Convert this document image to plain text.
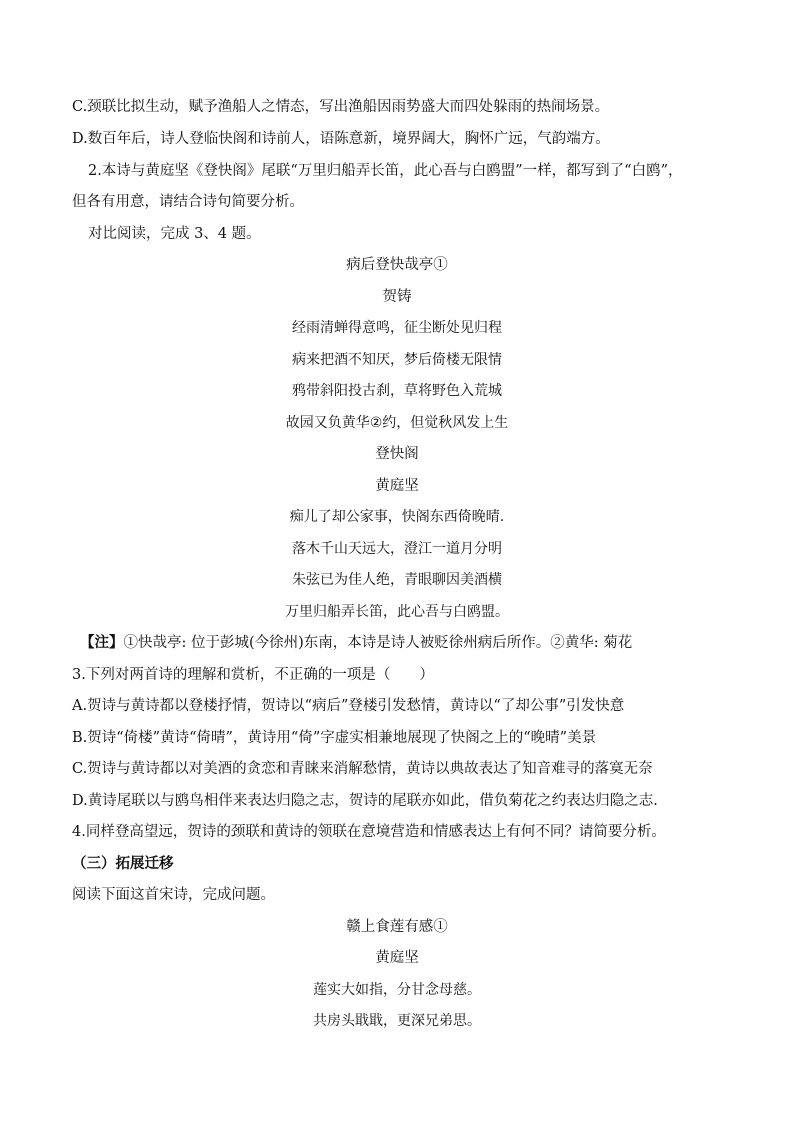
C.颈联比拟生动，赋予渔船人之情态，写出渔船因雨势盛大而四处躲雨的热闹场景。
D.数百年后，诗人登临快阁和诗前人，语陈意新，境界阔大，胸怀广远，气韵端方。
2.本诗与黄庭坚《登快阁》尾联“万里归船弄长笛，此心吾与白鸥盟”一样，都写到了“白鸥”，
但各有用意，请结合诗句简要分析。
对比阅读，完成 3、4 题。
病后登快哉亭①
贺铸
经雨清蝉得意鸣，征尘断处见归程
病来把酒不知厌，梦后倚楼无限情
鸦带斜阳投古刹，草将野色入荒城
故园又负黄华②约，但觉秋风发上生
登快阁
黄庭坚
痴儿了却公家事，快阁东西倚晚晴.
落木千山天远大，澄江一道月分明
朱弦已为佳人绝，青眼聊因美酒横
万里归船弄长笛，此心吾与白鸥盟。
【注】①快哉亭: 位于彭城(今徐州)东南，本诗是诗人被贬徐州病后所作。②黄华: 菊花
3.下列对两首诗的理解和赏析，不正确的一项是（　　）
A.贺诗与黄诗都以登楼抒情，贺诗以“病后”登楼引发愁情，黄诗以“了却公事”引发快意
B.贺诗“倚楼”黄诗“倚晴”，黄诗用“倚”字虚实相兼地展现了快阁之上的“晚晴”美景
C.贺诗与黄诗都以对美酒的贪恋和青睐来消解愁情，黄诗以典故表达了知音难寻的落寞无奈
D.黄诗尾联以与鸥鸟相伴来表达归隐之志，贺诗的尾联亦如此，借负菊花之约表达归隐之志.
4.同样登高望远，贺诗的颈联和黄诗的领联在意境营造和情感表达上有何不同？请简要分析。
（三）拓展迁移
阅读下面这首宋诗，完成问题。
赣上食莲有感①
黄庭坚
莲实大如指，分甘念母慈。
共房头戢戢，更深兄弟思。
